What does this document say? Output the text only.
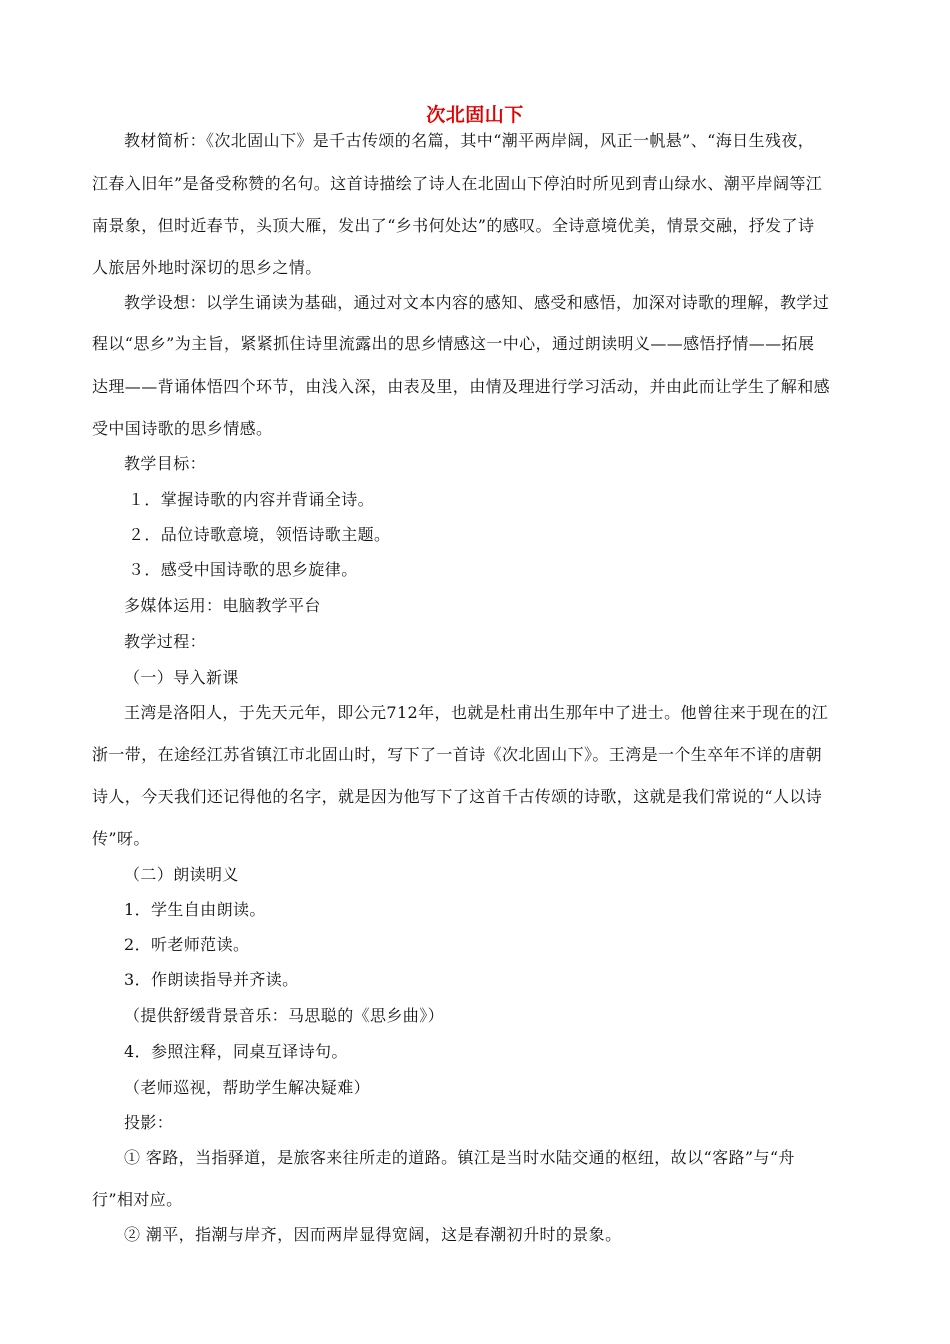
次北固山下
教材简析：《次北固山下》是千古传颂的名篇，其中“潮平两岸阔，风正一帆悬”、“海日生残夜，
江春入旧年”是备受称赞的名句。这首诗描绘了诗人在北固山下停泊时所见到青山绿水、潮平岸阔等江
南景象，但时近春节，头顶大雁，发出了“乡书何处达”的感叹。全诗意境优美，情景交融，抒发了诗
人旅居外地时深切的思乡之情。
教学设想：以学生诵读为基础，通过对文本内容的感知、感受和感悟，加深对诗歌的理解，教学过
程以“思乡”为主旨，紧紧抓住诗里流露出的思乡情感这一中心，通过朗读明义——感悟抒情——拓展
达理——背诵体悟四个环节，由浅入深，由表及里，由情及理进行学习活动，并由此而让学生了解和感
受中国诗歌的思乡情感。
教学目标：
１．掌握诗歌的内容并背诵全诗。
２．品位诗歌意境，领悟诗歌主题。
３．感受中国诗歌的思乡旋律。
多媒体运用：电脑教学平台
教学过程：
（一）导入新课
王湾是洛阳人，于先天元年，即公元712年，也就是杜甫出生那年中了进士。他曾往来于现在的江
浙一带，在途经江苏省镇江市北固山时，写下了一首诗《次北固山下》。王湾是一个生卒年不详的唐朝
诗人，今天我们还记得他的名字，就是因为他写下了这首千古传颂的诗歌，这就是我们常说的“人以诗
传”呀。
（二）朗读明义
1．学生自由朗读。
2．听老师范读。
3．作朗读指导并齐读。
（提供舒缓背景音乐：马思聪的《思乡曲》）
4．参照注释，同桌互译诗句。
（老师巡视，帮助学生解决疑难）
投影：
① 客路，当指驿道，是旅客来往所走的道路。镇江是当时水陆交通的枢纽，故以“客路”与“舟
行”相对应。
② 潮平，指潮与岸齐，因而两岸显得宽阔，这是春潮初升时的景象。
